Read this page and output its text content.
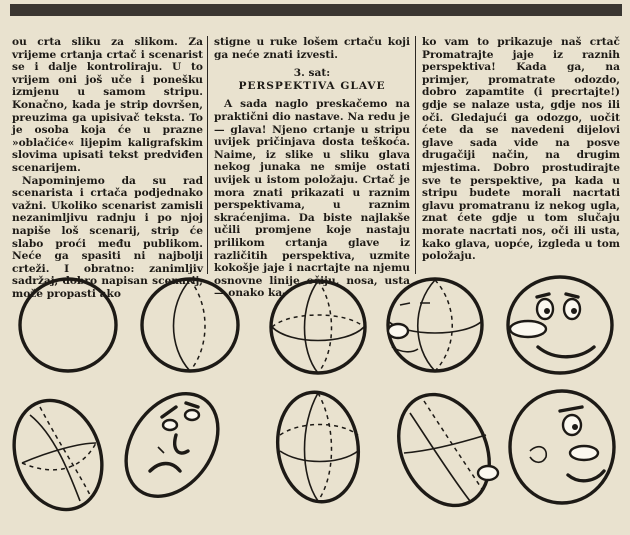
ou crta sliku za slikom. Za vrijeme crtanja crtač i scenarist se i dalje kontroliraju. U to vrijem oni još uče i ponešku izmjenu u samom stripu. Konačno, kada je strip dovršen, preuzima ga upisivač teksta. To je osoba koja će u prazne »oblačiće« lijepim kaligrafskim slovima upisati tekst predviđen scenarijem.

Napominjemo da su rad scenarista i crtača podjednako važni. Ukoliko scenarist zamisli nezanimljivu radnju i po njoj napiše loš scenarij, strip će slabo proći među publikom. Neće ga spasiti ni najbolji crteži. I obratno: zanimljiv sadržaj, dobro napisan scenarij, može propasti ako

stigne u ruke lošem crtaču koji ga neće znati izvesti.

3. sat:
PERSPEKTIVA GLAVE

A sada naglo preskačemo na praktični dio nastave. Na redu je — glava! Njeno crtanje u stripu uvijek pričinjava dosta teškoća. Naime, iz slike u sliku glava nekog junaka ne smije ostati uvijek u istom položaju. Crtač je mora znati prikazati u raznim perspektivama, u raznim skraćenjima. Da biste najlakše učili promjene koje nastaju prilikom crtanja glave iz različitih perspektiva, uzmite kokošje jaje i nacrtajte na njemu osnovne linije očiju, nosa, usta — onako ka-

ko vam to prikazuje naš crtač Promatrajte jaje iz raznih perspektiva! Kada ga, na primjer, promatrate odozdo, dobro zapamtite (i precrtajte!) gdje se nalaze usta, gdje nos ili oči. Gledajući ga odozgo, uočit ćete da se navedeni dijelovi glave sada vide na posve drugačiji način, na drugim mjestima. Dobro prostudirajte sve te perspektive, pa kada u stripu budete morali nacrtati glavu promatranu iz nekog ugla, znat ćete gdje u tom slučaju morate nacrtati nos, oči ili usta, kako glava, uopće, izgleda u tom položaju.
